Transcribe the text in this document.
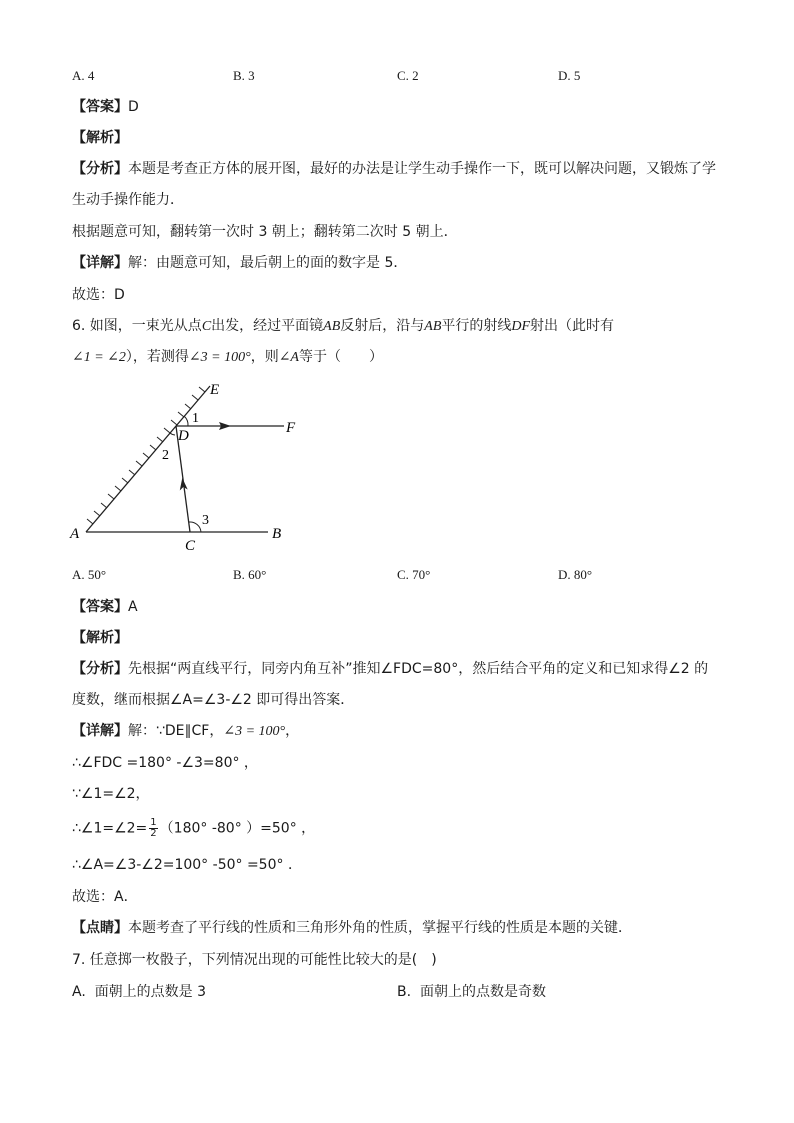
A. 4	B. 3	C. 2	D. 5
【答案】D
【解析】
【分析】本题是考查正方体的展开图，最好的办法是让学生动手操作一下，既可以解决问题，又锻炼了学
生动手操作能力．
根据题意可知，翻转第一次时 3 朝上；翻转第二次时 5 朝上．
【详解】解：由题意可知，最后朝上的面的数字是 5．
故选：D
6. 如图，一束光从点C出发，经过平面镜AB反射后，沿与AB平行的射线DF射出（此时有
∠1 = ∠2），若测得∠3 = 100°，则∠A等于（　　）
E
F
D
A	B
C
1
2
3
A. 50°	B. 60°	C. 70°	D. 80°
【答案】A
【解析】
【分析】先根据“两直线平行，同旁内角互补”推知∠FDC=80°，然后结合平角的定义和已知求得∠2 的
度数，继而根据∠A=∠3-∠2 即可得出答案．
【详解】解：∵DE∥CF，∠3 = 100°，
∴∠FDC =180° -∠3=80° ，
∵∠1=∠2，
∴∠1=∠2= $\frac{1}{2} (180^\circ$ -80° ）=50° ，
∴∠A=∠3-∠2=100° -50° =50° ．
故选：A．
【点睛】本题考查了平行线的性质和三角形外角的性质，掌握平行线的性质是本题的关键．
7. 任意掷一枚骰子，下列情况出现的可能性比较大的是(　)
A. 面朝上的点数是 3	B. 面朝上的点数是奇数
